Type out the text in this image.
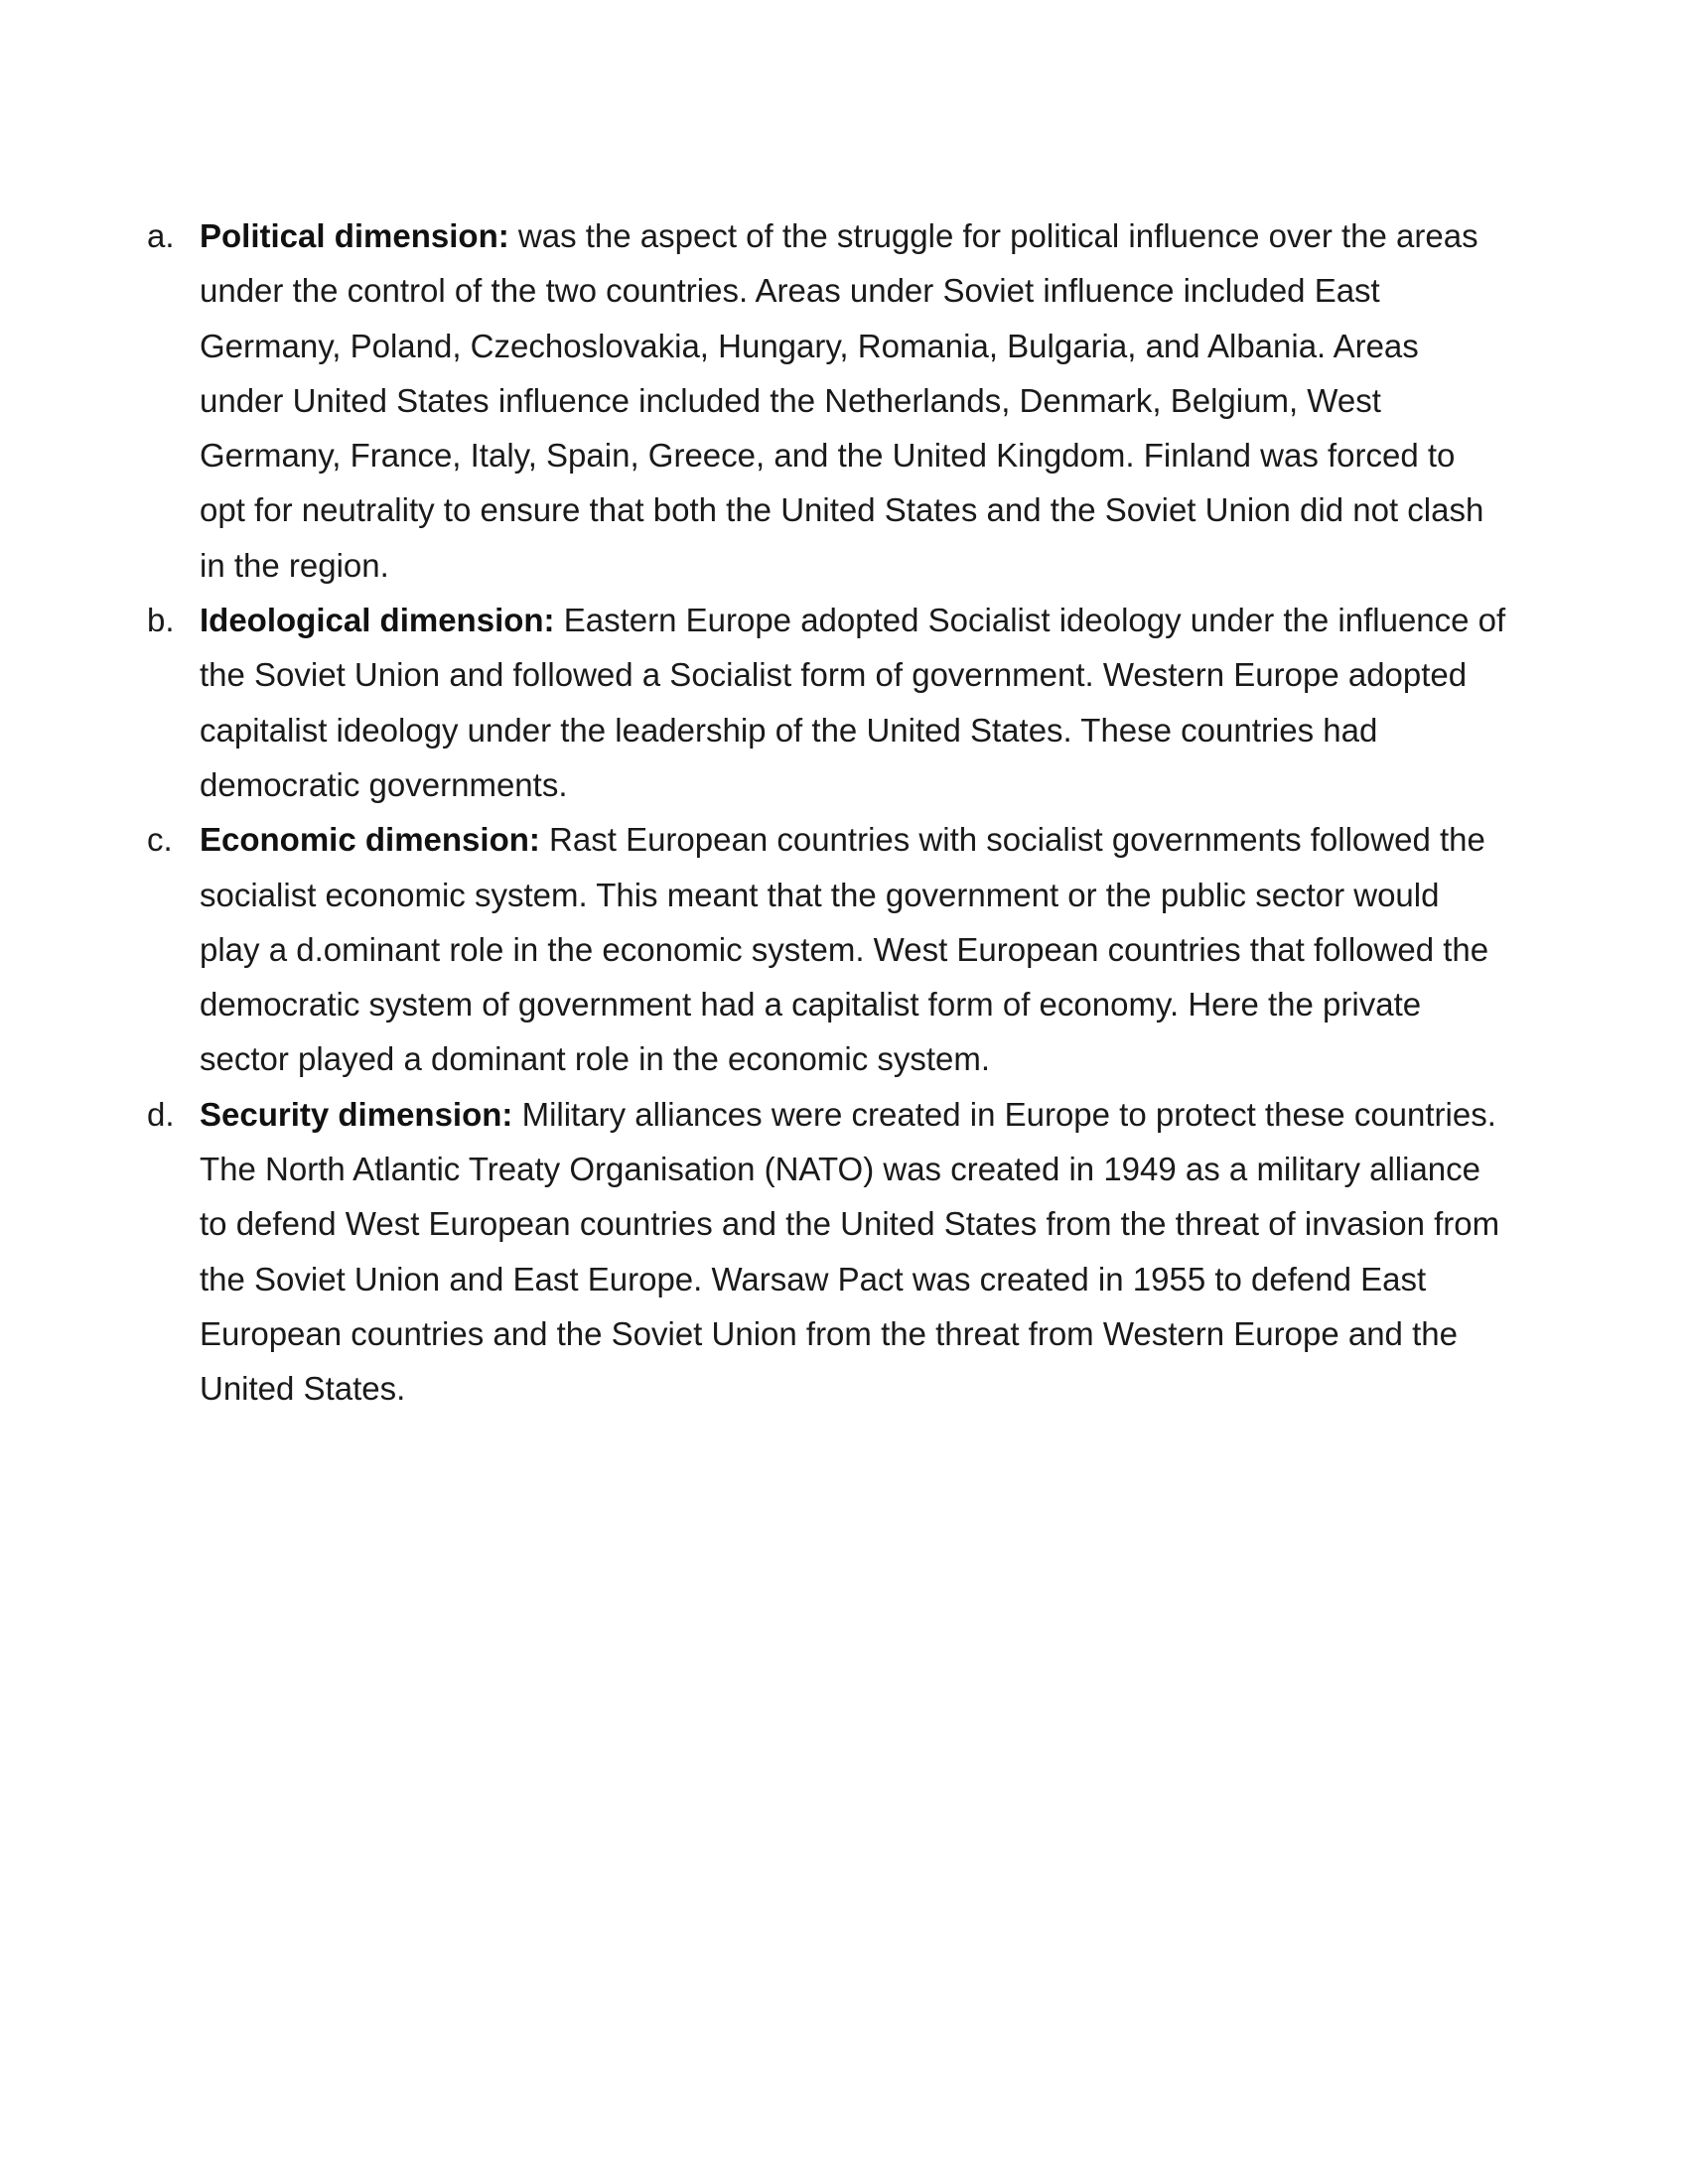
a. Political dimension: was the aspect of the struggle for political influence over the areas under the control of the two countries. Areas under Soviet influence included East Germany, Poland, Czechoslovakia, Hungary, Romania, Bulgaria, and Albania. Areas under United States influence included the Netherlands, Denmark, Belgium, West Germany, France, Italy, Spain, Greece, and the United Kingdom. Finland was forced to opt for neutrality to ensure that both the United States and the Soviet Union did not clash in the region.
b. Ideological dimension: Eastern Europe adopted Socialist ideology under the influence of the Soviet Union and followed a Socialist form of government. Western Europe adopted capitalist ideology under the leadership of the United States. These countries had democratic governments.
c. Economic dimension: Rast European countries with socialist governments followed the socialist economic system. This meant that the government or the public sector would play a d.ominant role in the economic system. West European countries that followed the democratic system of government had a capitalist form of economy. Here the private sector played a dominant role in the economic system.
d. Security dimension: Military alliances were created in Europe to protect these countries. The North Atlantic Treaty Organisation (NATO) was created in 1949 as a military alliance to defend West European countries and the United States from the threat of invasion from the Soviet Union and East Europe. Warsaw Pact was created in 1955 to defend East European countries and the Soviet Union from the threat from Western Europe and the United States.
